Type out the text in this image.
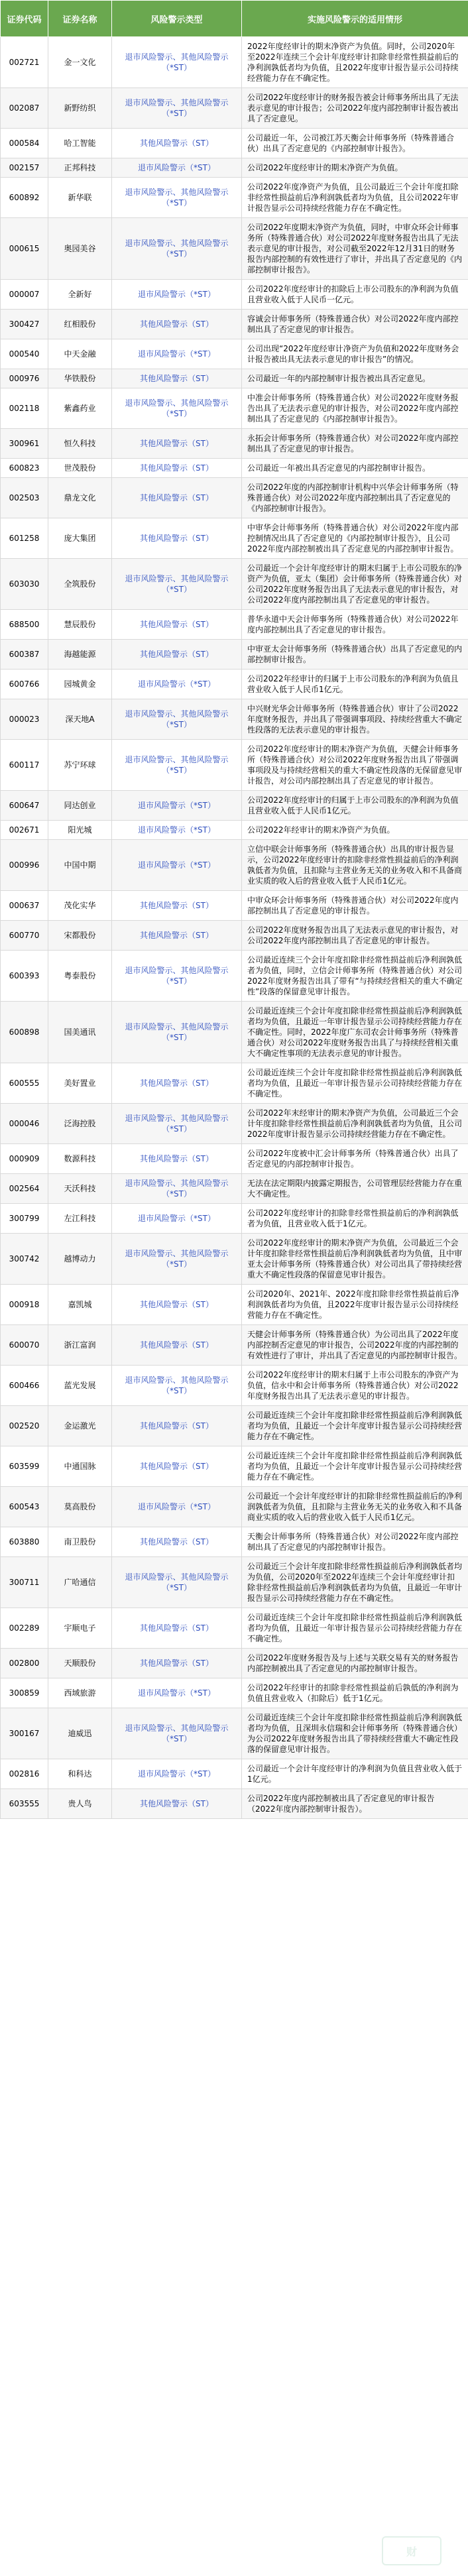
证券代码	证券名称	风险警示类型	实施风险警示的适用情形
002721	金一文化	退市风险警示、其他风险警示（*ST）	2022年度经审计的期末净资产为负值。同时，公司2020年至2022年连续三个会计年度经审计扣除非经常性损益前后的净利润孰低者均为负值，且2022年度审计报告显示公司持续经营能力存在不确定性。

002087	新野纺织	退市风险警示、其他风险警示（*ST）	公司2022年度经审计的财务报告被会计师事务所出具了无法表示意见的审计报告；公司2022年度内部控制审计报告被出具了否定意见。

000584	哈工智能	其他风险警示（ST）	公司最近一年，公司被江苏天衡会计师事务所（特殊普通合伙）出具了否定意见的《内部控制审计报告》。

002157	正邦科技	退市风险警示（*ST）	公司2022年度经审计的期末净资产为负值。

600892	新华联	退市风险警示、其他风险警示（*ST）	公司2022年度净资产为负值，且公司最近三个会计年度扣除非经常性损益前后净利润孰低者均为负值，且公司2022年审计报告显示公司持续经营能力存在不确定性。

000615	奥园美谷	退市风险警示、其他风险警示（*ST）	公司2022年度期末净资产为负值，同时，中审众环会计师事务所（特殊普通合伙）对公司2022年度财务报告出具了无法表示意见的审计报告，对公司截至2022年12月31日的财务报告内部控制的有效性进行了审计，并出具了否定意见的《内部控制审计报告》。

000007	全新好	退市风险警示（*ST）	公司2022年度经审计的扣除后上市公司股东的净利润为负值且营业收入低于人民币一亿元。

300427	红相股份	其他风险警示（ST）	容诚会计师事务所（特殊普通合伙）对公司2022年度内部控制出具了否定意见的审计报告。

000540	中天金融	退市风险警示（*ST）	公司出现“2022年度经审计净资产为负值和2022年度财务会计报告被出具无法表示意见的审计报告”的情况。

000976	华铁股份	其他风险警示（ST）	公司最近一年的内部控制审计报告被出具否定意见。

002118	紫鑫药业	退市风险警示、其他风险警示（*ST）	中准会计师事务所（特殊普通合伙）对公司2022年度财务报告出具了无法表示意见的审计报告，对公司2022年度内部控制出具了否定意见的《内部控制审计报告》。

300961	恒久科技	其他风险警示（ST）	永拓会计师事务所（特殊普通合伙）对公司2022年度内部控制出具了否定意见的审计报告。

600823	世茂股份	其他风险警示（ST）	公司最近一年被出具否定意见的内部控制审计报告。

002503	鼎龙文化	其他风险警示（ST）	公司2022年度的内部控制审计机构中兴华会计师事务所（特殊普通合伙）对公司2022年度内部控制出具了否定意见的《内部控制审计报告》。

601258	庞大集团	其他风险警示（ST）	中审华会计师事务所（特殊普通合伙）对公司2022年度内部控制情况出具了否定意见的《内部控制审计报告》，且公司2022年度内部控制被出具了否定意见的内部控制审计报告。

603030	全筑股份	退市风险警示、其他风险警示（*ST）	公司最近一个会计年度经审计的期末归属于上市公司股东的净资产为负值，亚太（集团）会计师事务所（特殊普通合伙）对公司2022年度财务报告出具了无法表示意见的审计报告，对公司2022年度内部控制出具了否定意见的审计报告。

688500	慧辰股份	其他风险警示（ST）	普华永道中天会计师事务所（特殊普通合伙）对公司2022年度内部控制出具了否定意见的审计报告。

600387	海越能源	其他风险警示（ST）	中审亚太会计师事务所（特殊普通合伙）出具了否定意见的内部控制审计报告。

600766	园城黄金	退市风险警示（*ST）	公司2022年经审计的归属于上市公司股东的净利润为负值且营业收入低于人民币1亿元。

000023	深天地A	退市风险警示、其他风险警示（*ST）	中兴财光华会计师事务所（特殊普通合伙）审计了公司2022年度财务报告，并出具了带强调事项段、持续经营重大不确定性段落的无法表示意见的审计报告。

600117	苏宁环球	退市风险警示、其他风险警示（*ST）	公司2022年度经审计的期末净资产为负值，天健会计师事务所（特殊普通合伙）对公司2022年度财务报告出具了带强调事项段及与持续经营相关的重大不确定性段落的无保留意见审计报告，对公司内部控制出具了否定意见的审计报告。

600647	同达创业	退市风险警示（*ST）	公司2022年度经审计的归属于上市公司股东的净利润为负值且营业收入低于人民币1亿元。

002671	阳光城	退市风险警示（*ST）	公司2022年经审计的期末净资产为负值。

000996	中国中期	退市风险警示（*ST）	立信中联会计师事务所（特殊普通合伙）出具的审计报告显示，公司2022年度经审计的扣除非经常性损益前后的净利润孰低者为负值，且扣除与主营业务无关的业务收入和不具备商业实质的收入后的营业收入低于人民币1亿元。

000637	茂化实华	其他风险警示（ST）	中审众环会计师事务所（特殊普通合伙）对公司2022年度内部控制出具了否定意见的审计报告。

600770	宋都股份	其他风险警示（ST）	公司2022年度财务报告出具了无法表示意见的审计报告，对公司2022年度内部控制出具了否定意见的审计报告。

600393	粤泰股份	退市风险警示、其他风险警示（*ST）	公司最近连续三个会计年度扣除非经常性损益前后净利润孰低者为负值，同时，立信会计师事务所（特殊普通合伙）对公司2022年度财务报告出具了带有“与持续经营相关的重大不确定性”段落的保留意见审计报告。

600898	国美通讯	退市风险警示、其他风险警示（*ST）	公司最近连续三个会计年度扣除非经常性损益前后净利润孰低者均为负值，且最近一年审计报告显示公司持续经营能力存在不确定性。同时，2022年度广东司农会计师事务所（特殊普通合伙）对公司2022年度财务报告出具了与持续经营相关重大不确定性事项的无法表示意见的审计报告。

600555	美好置业	其他风险警示（ST）	公司最近连续三个会计年度扣除非经常性损益前后净利润孰低者均为负值，且最近一年审计报告显示公司持续经营能力存在不确定性。

000046	泛海控股	退市风险警示、其他风险警示（*ST）	公司2022年末经审计的期末净资产为负值，公司最近三个会计年度扣除非经常性损益前后净利润孰低者均为负值，且公司2022年度审计报告显示公司持续经营能力存在不确定性。

000909	数源科技	其他风险警示（ST）	公司2022年度被中汇会计师事务所（特殊普通合伙）出具了否定意见的内部控制审计报告。

002564	天沃科技	退市风险警示、其他风险警示（*ST）	无法在法定期限内披露定期报告，公司管理层经营能力存在重大不确定性。

300799	左江科技	退市风险警示（*ST）	公司2022年度经审计的扣除非经常性损益前后的净利润孰低者为负值，且营业收入低于1亿元。

300742	越博动力	退市风险警示、其他风险警示（*ST）	公司2022年度经审计的期末净资产为负值，公司最近三个会计年度扣除非经常性损益前后净利润孰低者均为负值，且中审亚太会计师事务所（特殊普通合伙）对公司出具了带持续经营重大不确定性段落的保留意见审计报告。

000918	嘉凯城	其他风险警示（ST）	公司2020年、2021年、2022年度扣除非经常性损益前后净利润孰低者均为负值，且2022年度审计报告显示公司持续经营能力存在不确定性。

600070	浙江富润	其他风险警示（ST）	天健会计师事务所（特殊普通合伙）为公司出具了2022年度内部控制否定意见的审计报告，公司2022年度的内部控制的有效性进行了审计，并出具了否定意见的内部控制审计报告。

600466	蓝光发展	退市风险警示、其他风险警示（*ST）	公司2022年度经审计的期末归属于上市公司股东的净资产为负值，信永中和会计师事务所（特殊普通合伙）对公司2022年度财务报告出具了无法表示意见的审计报告。

002520	金运激光	其他风险警示（ST）	公司最近连续三个会计年度扣除非经常性损益前后净利润孰低者均为负值，且最近一个会计年度审计报告显示公司持续经营能力存在不确定性。

603599	中通国脉	其他风险警示（ST）	公司最近连续三个会计年度扣除非经常性损益前后净利润孰低者均为负值，且最近一个会计年度审计报告显示公司持续经营能力存在不确定性。

600543	莫高股份	退市风险警示（*ST）	公司最近一个会计年度经审计的扣除非经常性损益前后的净利润孰低者为负值，且扣除与主营业务无关的业务收入和不具备商业实质的收入后的营业收入低于人民币1亿元。

603880	南卫股份	其他风险警示（ST）	天衡会计师事务所（特殊普通合伙）对公司2022年度内部控制出具了否定意见的内部控制审计报告。

300711	广哈通信	退市风险警示、其他风险警示（*ST）	公司最近三个会计年度扣除非经常性损益前后净利润孰低者均为负值，公司2020年至2022年连续三个会计年度经审计扣除非经常性损益前后净利润孰低者均为负值，且最近一年审计报告显示公司持续经营能力存在不确定性。

002289	宇顺电子	其他风险警示（ST）	公司最近连续三个会计年度扣除非经常性损益前后净利润孰低者均为负值，且最近一年审计报告显示公司持续经营能力存在不确定性。

002800	天顺股份	其他风险警示（ST）	公司2022年度财务报告及与上述与关联交易有关的财务报告内部控制被出具了否定意见的内部控制审计报告。

300859	西域旅游	退市风险警示（*ST）	公司2022年经审计的扣除非经常性损益前后孰低的净利润为负值且营业收入（扣除后）低于1亿元。

300167	迪威迅	退市风险警示、其他风险警示（*ST）	公司最近连续三个会计年度扣除非经常性损益前后净利润孰低者均为负值，且深圳永信瑞和会计师事务所（特殊普通合伙）为公司2022年度财务报告出具了带持续经营重大不确定性段落的保留意见审计报告。

002816	和科达	退市风险警示（*ST）	公司最近一个会计年度经审计的净利润为负值且营业收入低于1亿元。

603555	贵人鸟	其他风险警示（ST）	公司2022年度内部控制被出具了否定意见的审计报告（2022年度内部控制审计报告）。
财
